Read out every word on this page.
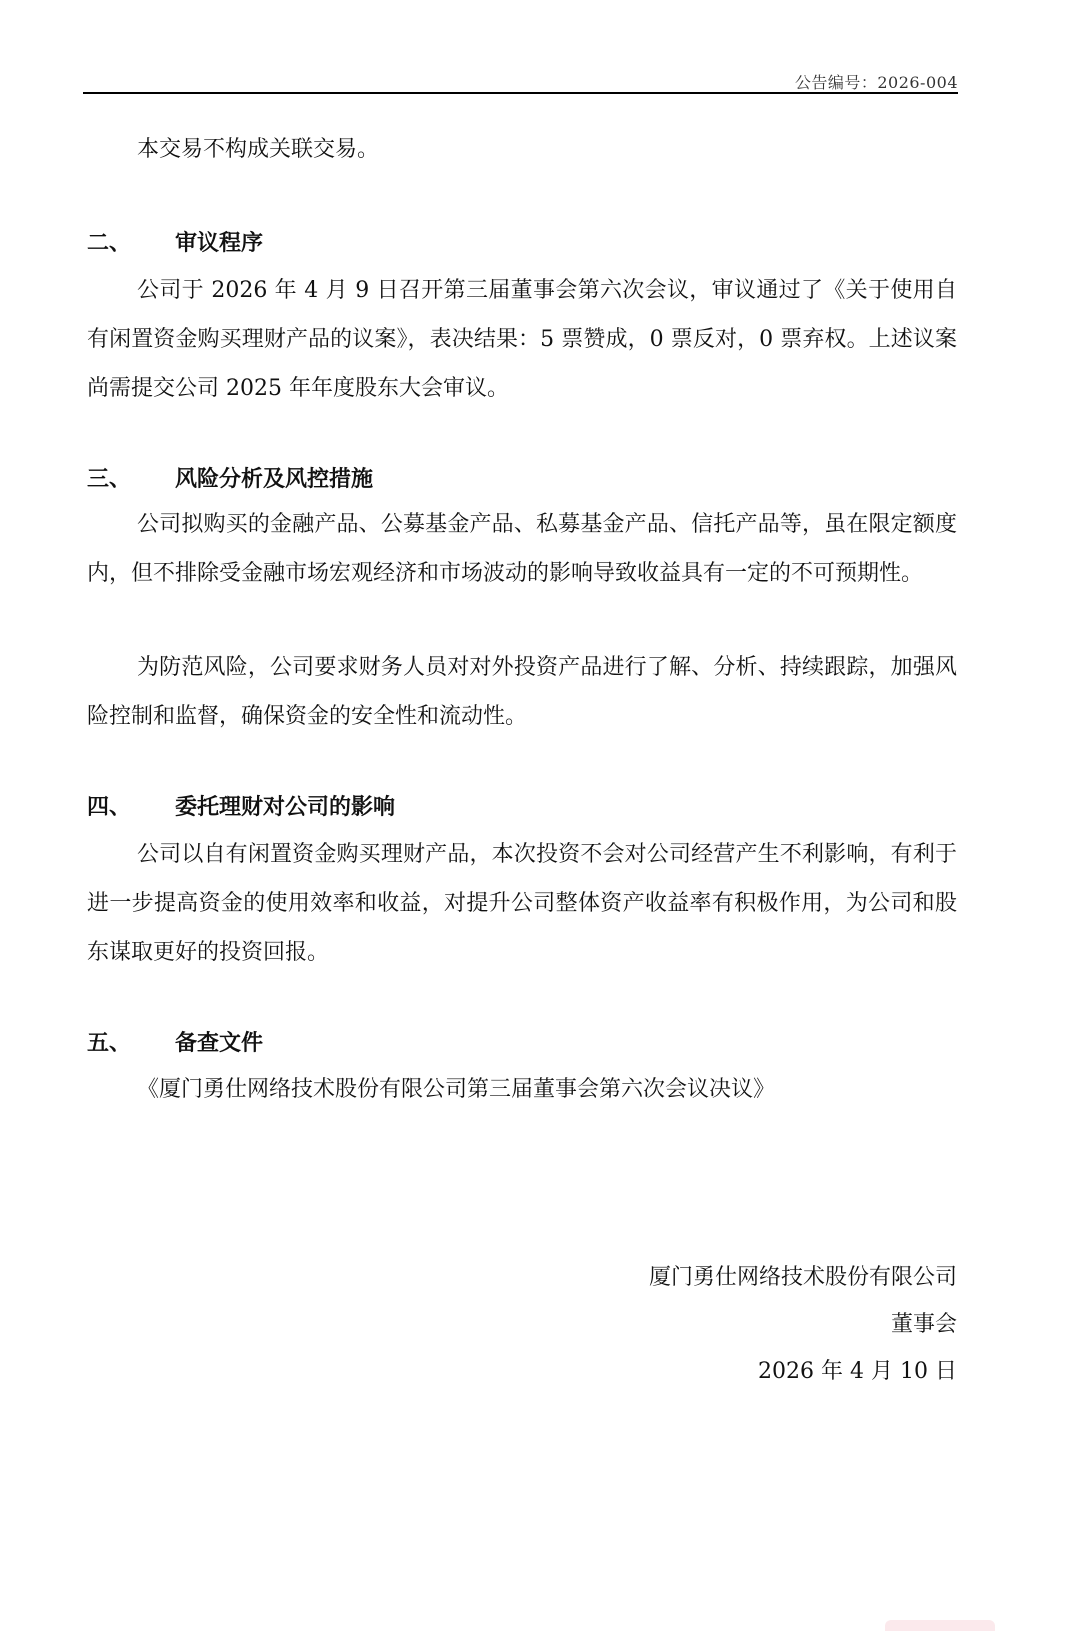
公告编号：2026-004

本交易不构成关联交易。

二、 审议程序

公司于 2026 年 4 月 9 日召开第三届董事会第六次会议，审议通过了《关于使用自有闲置资金购买理财产品的议案》，表决结果：5 票赞成，0 票反对，0 票弃权。上述议案尚需提交公司 2025 年年度股东大会审议。

三、 风险分析及风控措施

公司拟购买的金融产品、公募基金产品、私募基金产品、信托产品等，虽在限定额度内，但不排除受金融市场宏观经济和市场波动的影响导致收益具有一定的不可预期性。

为防范风险，公司要求财务人员对对外投资产品进行了解、分析、持续跟踪，加强风险控制和监督，确保资金的安全性和流动性。

四、 委托理财对公司的影响

公司以自有闲置资金购买理财产品，本次投资不会对公司经营产生不利影响，有利于进一步提高资金的使用效率和收益，对提升公司整体资产收益率有积极作用，为公司和股东谋取更好的投资回报。

五、 备查文件
《厦门勇仕网络技术股份有限公司第三届董事会第六次会议决议》
厦门勇仕网络技术股份有限公司
董事会
2026 年 4 月 10 日
